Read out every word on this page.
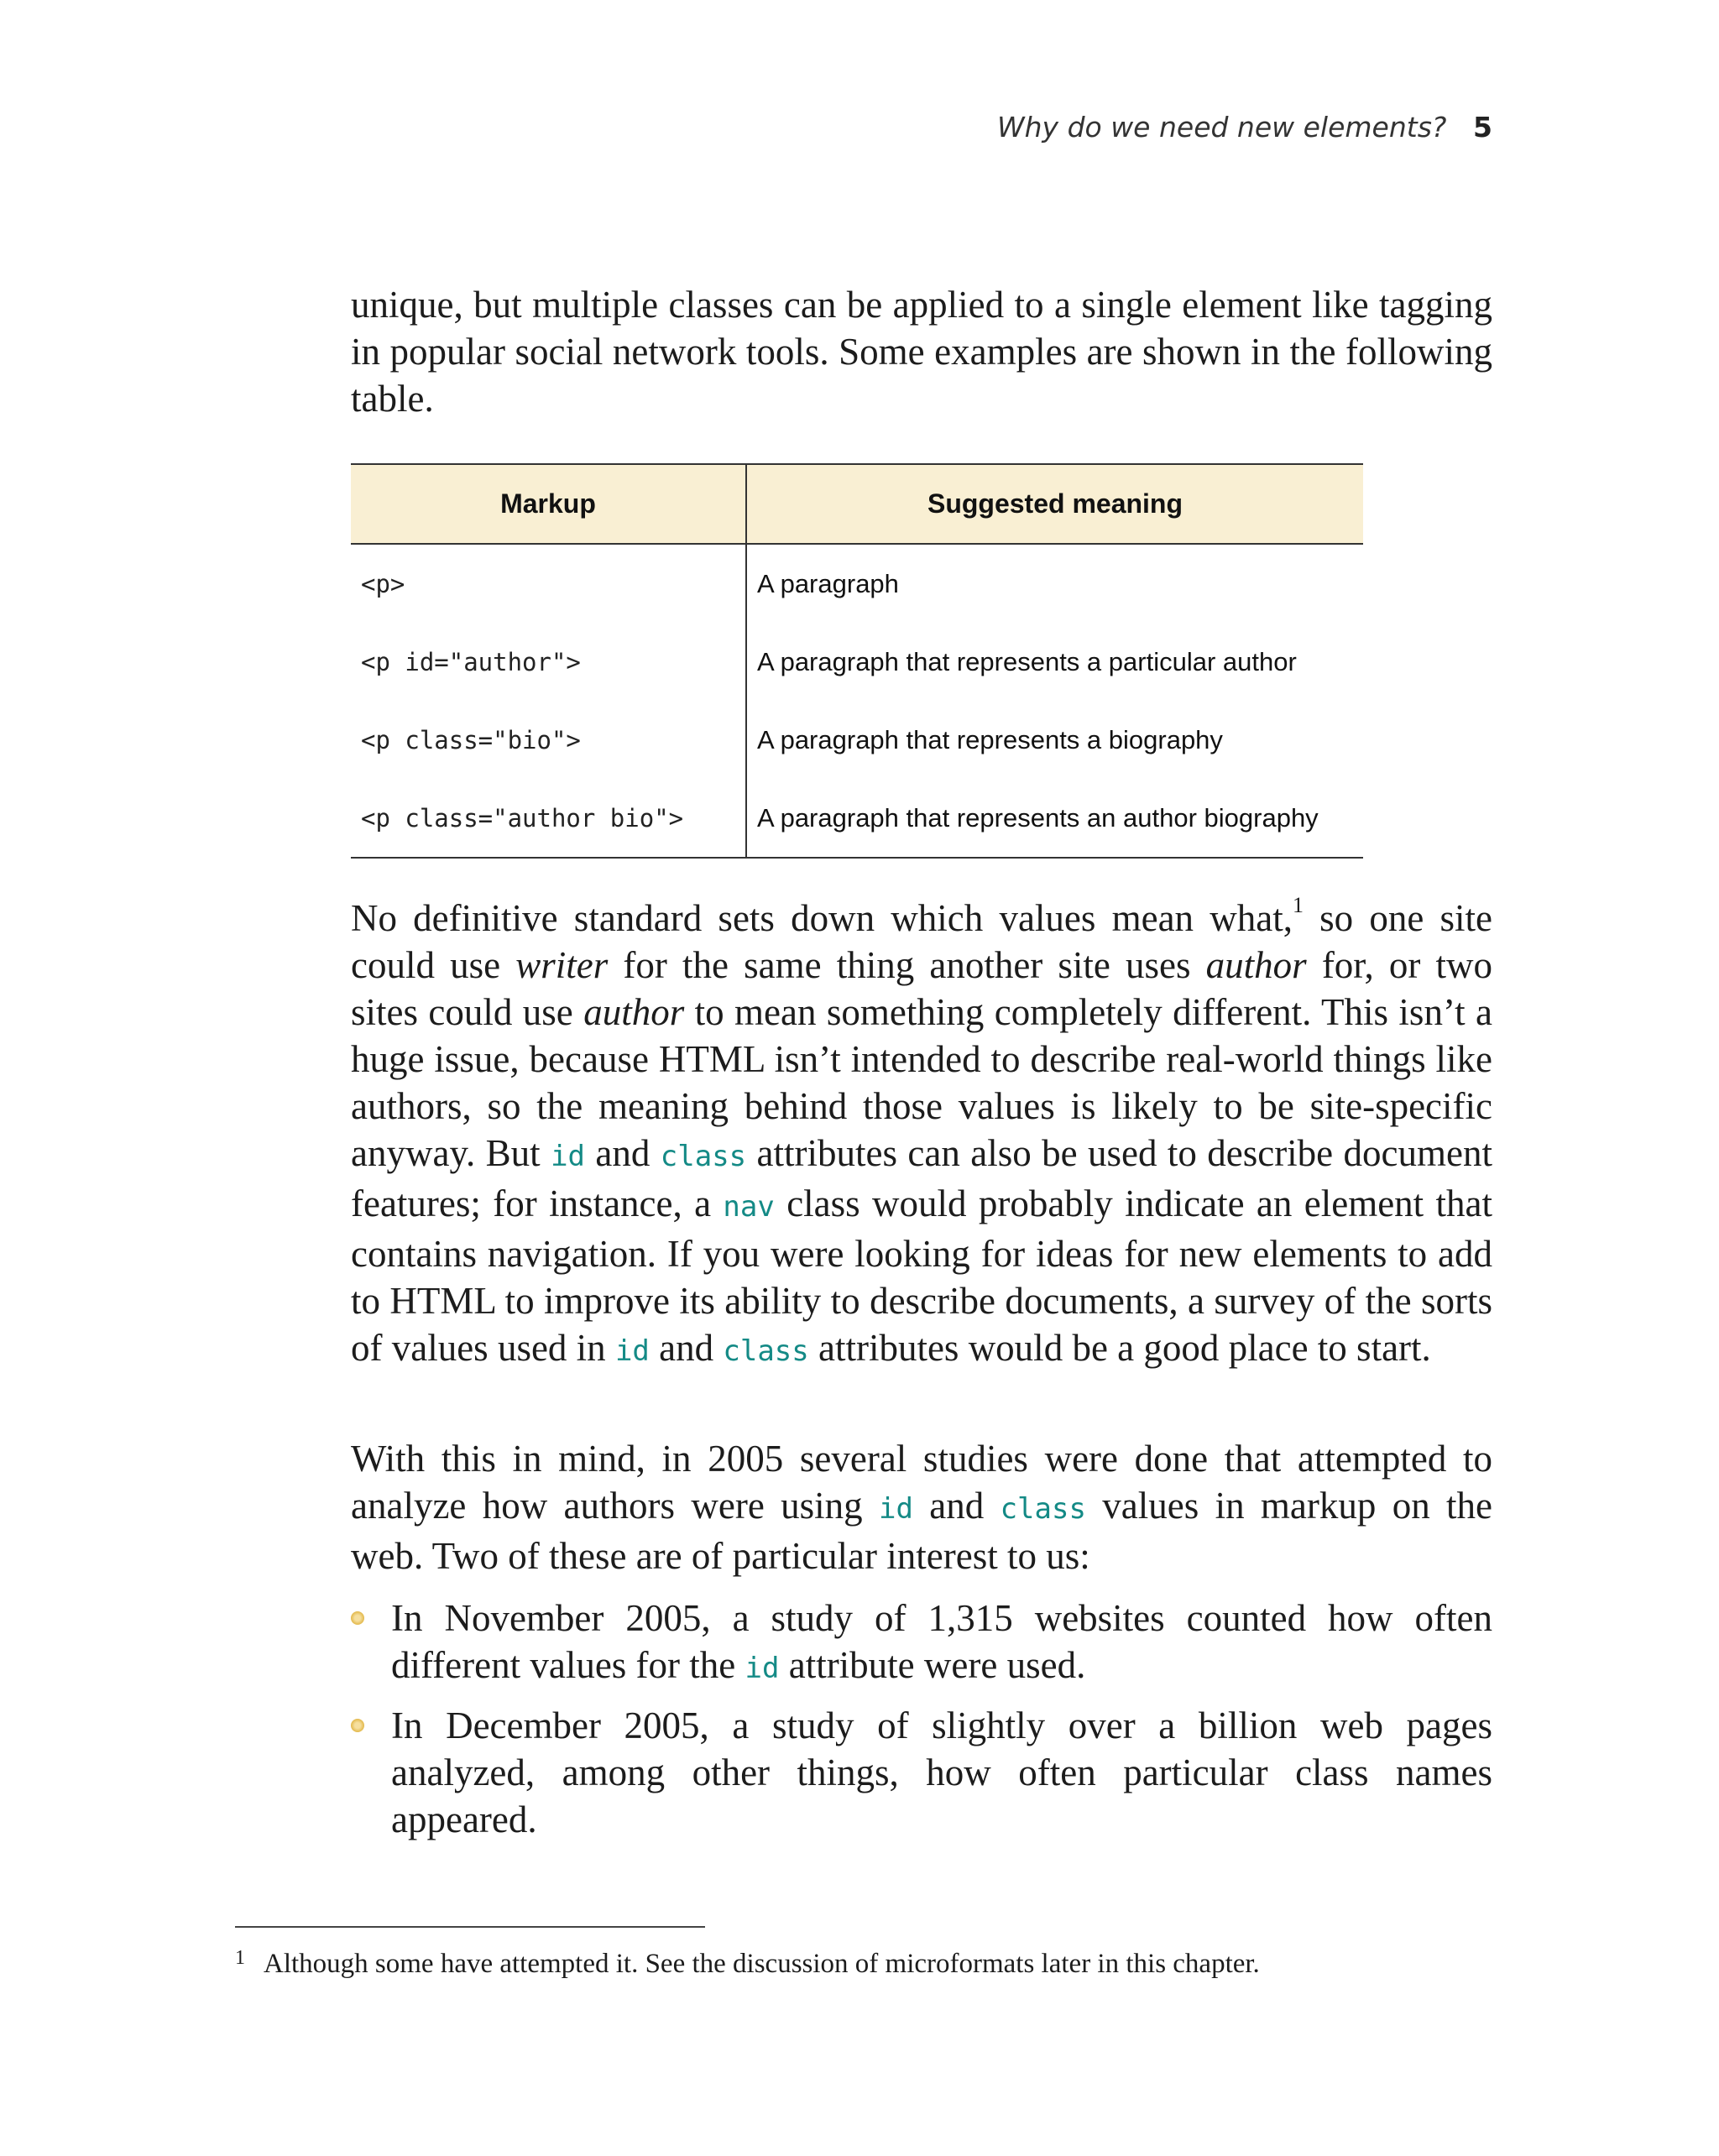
Why do we need new elements? 5

unique, but multiple classes can be applied to a single element like tagging in popular social network tools. Some examples are shown in the following table.

Markup	Suggested meaning
<p>	A paragraph
<p id="author">	A paragraph that represents a particular author
<p class="bio">	A paragraph that represents a biography
<p class="author bio">	A paragraph that represents an author biography

No definitive standard sets down which values mean what,$^1$ so one site could use writer for the same thing another site uses author for, or two sites could use author to mean something completely different. This isn’t a huge issue, because HTML isn’t intended to describe real-world things like authors, so the meaning behind those values is likely to be site-specific anyway. But id and class attributes can also be used to describe document features; for instance, a nav class would probably indicate an element that contains navigation. If you were looking for ideas for new elements to add to HTML to improve its ability to describe documents, a survey of the sorts of values used in id and class attributes would be a good place to start.

With this in mind, in 2005 several studies were done that attempted to analyze how authors were using id and class values in markup on the web. Two of these are of particular interest to us:

In November 2005, a study of 1,315 websites counted how often different values for the id attribute were used.
In December 2005, a study of slightly over a billion web pages analyzed, among other things, how often particular class names appeared.
$^1$ Although some have attempted it. See the discussion of microformats later in this chapter.
